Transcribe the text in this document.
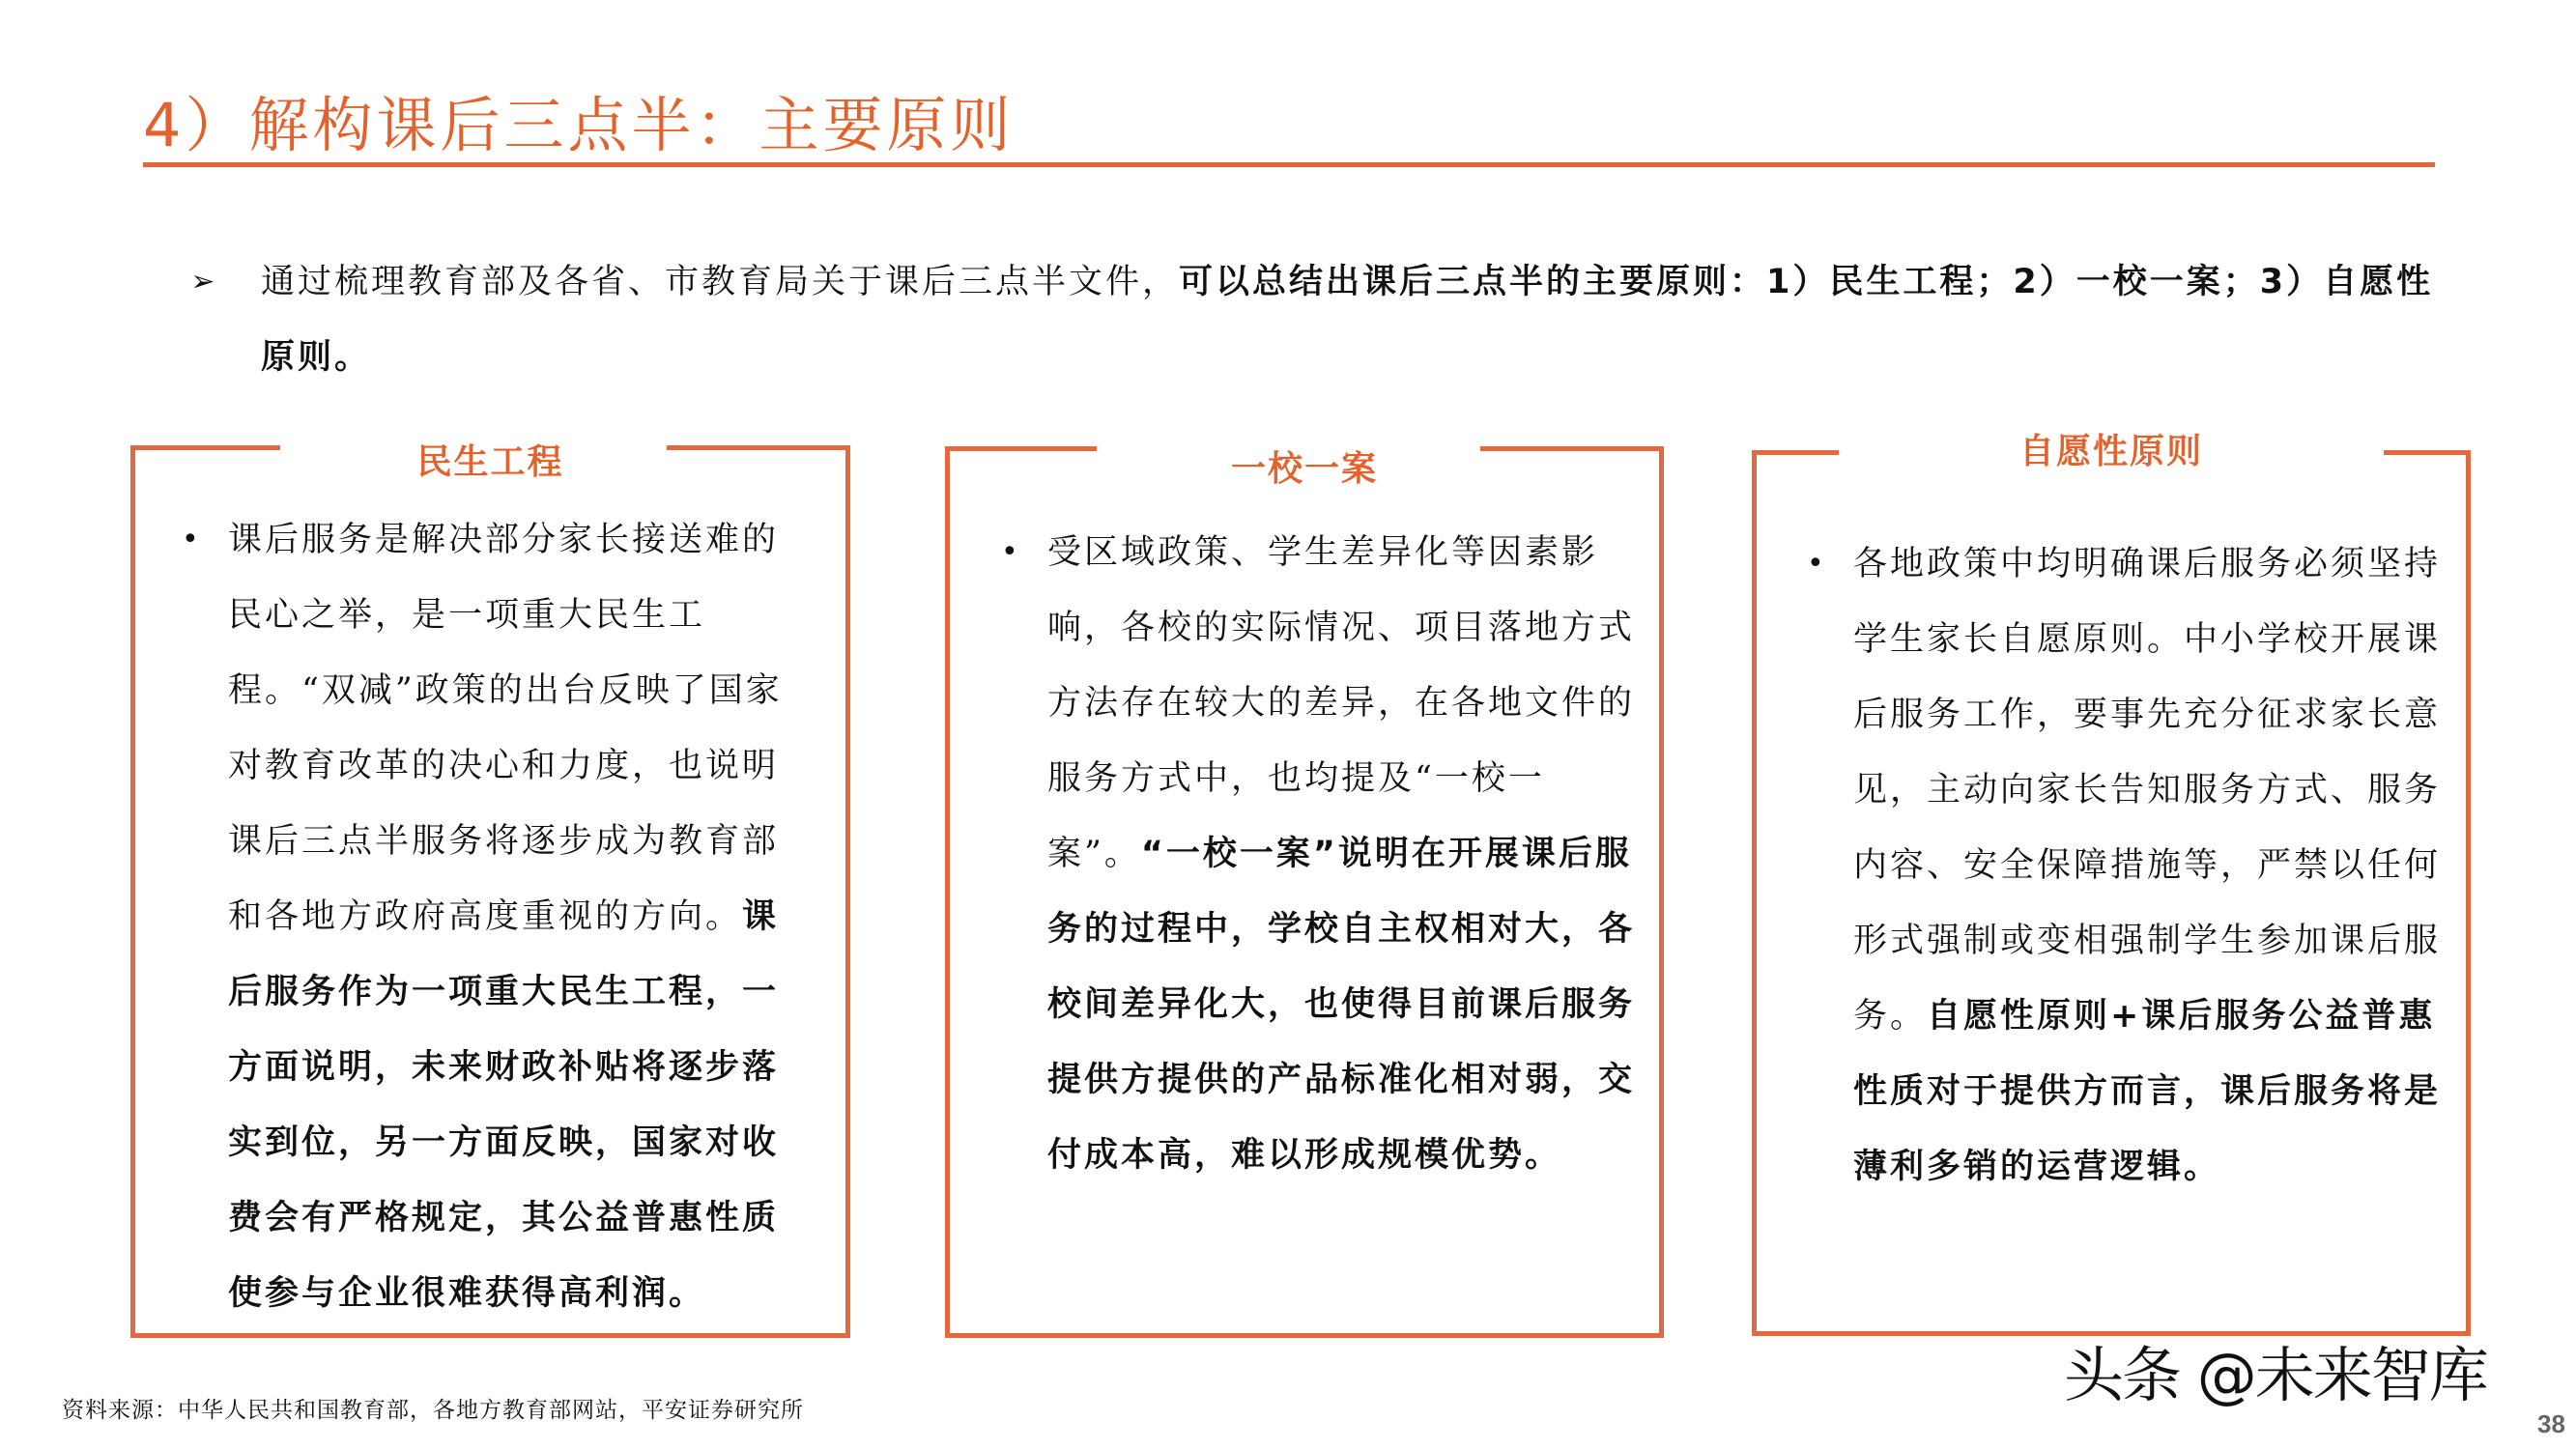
4）解构课后三点半：主要原则
➢ 通过梳理教育部及各省、市教育局关于课后三点半文件，可以总结出课后三点半的主要原则：1）民生工程；2）一校一案；3）自愿性原则。
民生工程
• 课后服务是解决部分家长接送难的民心之举，是一项重大民生工程。“双减”政策的出台反映了国家对教育改革的决心和力度，也说明课后三点半服务将逐步成为教育部和各地方政府高度重视的方向。课后服务作为一项重大民生工程，一方面说明，未来财政补贴将逐步落实到位，另一方面反映，国家对收费会有严格规定，其公益普惠性质使参与企业很难获得高利润。
一校一案
• 受区域政策、学生差异化等因素影响，各校的实际情况、项目落地方式方法存在较大的差异，在各地文件的服务方式中，也均提及“一校一案”。“一校一案”说明在开展课后服务的过程中，学校自主权相对大，各校间差异化大，也使得目前课后服务提供方提供的产品标准化相对弱，交付成本高，难以形成规模优势。
自愿性原则
• 各地政策中均明确课后服务必须坚持学生家长自愿原则。中小学校开展课后服务工作，要事先充分征求家长意见，主动向家长告知服务方式、服务内容、安全保障措施等，严禁以任何形式强制或变相强制学生参加课后服务。自愿性原则+课后服务公益普惠性质对于提供方而言，课后服务将是薄利多销的运营逻辑。
资料来源：中华人民共和国教育部，各地方教育部网站，平安证券研究所	头条 @未来智库
38
